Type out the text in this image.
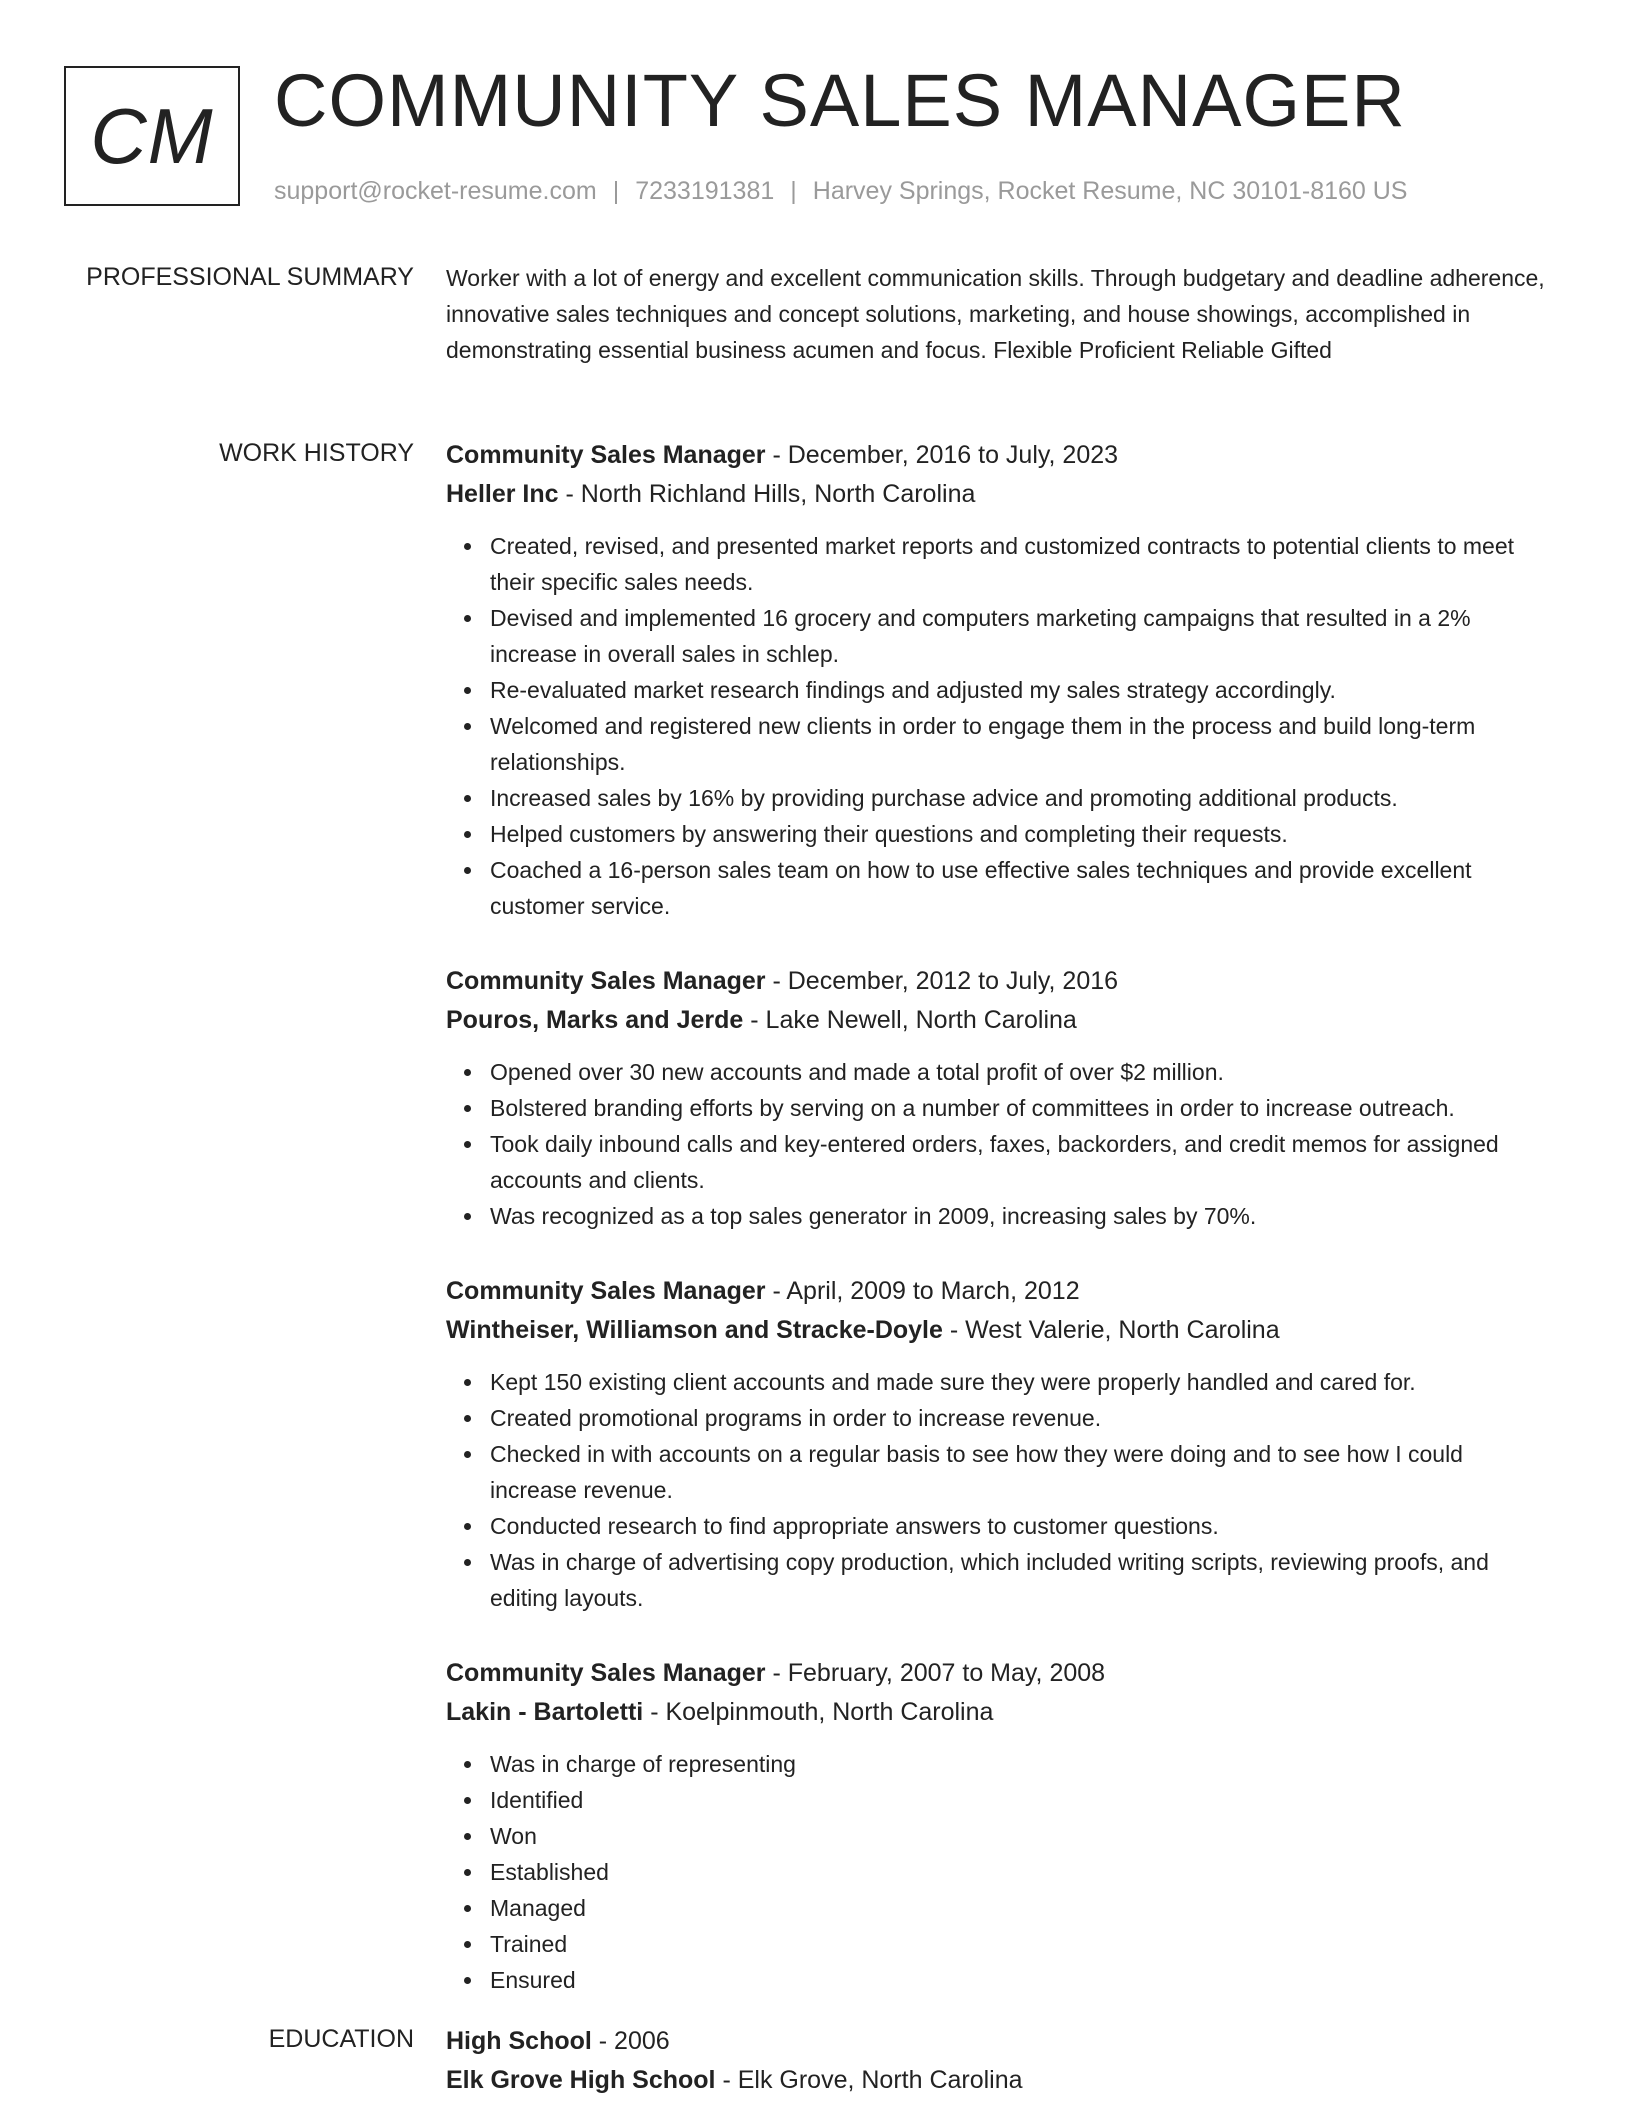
CM COMMUNITY SALES MANAGER
support@rocket-resume.com | 7233191381 | Harvey Springs, Rocket Resume, NC 30101-8160 US
PROFESSIONAL SUMMARY Worker with a lot of energy and excellent communication skills. Through budgetary and deadline adherence, innovative sales techniques and concept solutions, marketing, and house showings, accomplished in demonstrating essential business acumen and focus. Flexible Proficient Reliable Gifted

WORK HISTORY Community Sales Manager - December, 2016 to July, 2023
Heller Inc - North Richland Hills, North Carolina
Created, revised, and presented market reports and customized contracts to potential clients to meet their specific sales needs.
Devised and implemented 16 grocery and computers marketing campaigns that resulted in a 2% increase in overall sales in schlep.
Re-evaluated market research findings and adjusted my sales strategy accordingly.
Welcomed and registered new clients in order to engage them in the process and build long-term relationships.
Increased sales by 16% by providing purchase advice and promoting additional products.
Helped customers by answering their questions and completing their requests.
Coached a 16-person sales team on how to use effective sales techniques and provide excellent customer service.
Community Sales Manager - December, 2012 to July, 2016
Pouros, Marks and Jerde - Lake Newell, North Carolina
Opened over 30 new accounts and made a total profit of over $2 million.
Bolstered branding efforts by serving on a number of committees in order to increase outreach.
Took daily inbound calls and key-entered orders, faxes, backorders, and credit memos for assigned accounts and clients.
Was recognized as a top sales generator in 2009, increasing sales by 70%.
Community Sales Manager - April, 2009 to March, 2012
Wintheiser, Williamson and Stracke-Doyle - West Valerie, North Carolina
Kept 150 existing client accounts and made sure they were properly handled and cared for.
Created promotional programs in order to increase revenue.
Checked in with accounts on a regular basis to see how they were doing and to see how I could increase revenue.
Conducted research to find appropriate answers to customer questions.
Was in charge of advertising copy production, which included writing scripts, reviewing proofs, and editing layouts.
Community Sales Manager - February, 2007 to May, 2008
Lakin - Bartoletti - Koelpinmouth, North Carolina
Was in charge of representing
Identified
Won
Established
Managed
Trained
Ensured
EDUCATION High School - 2006
Elk Grove High School - Elk Grove, North Carolina
